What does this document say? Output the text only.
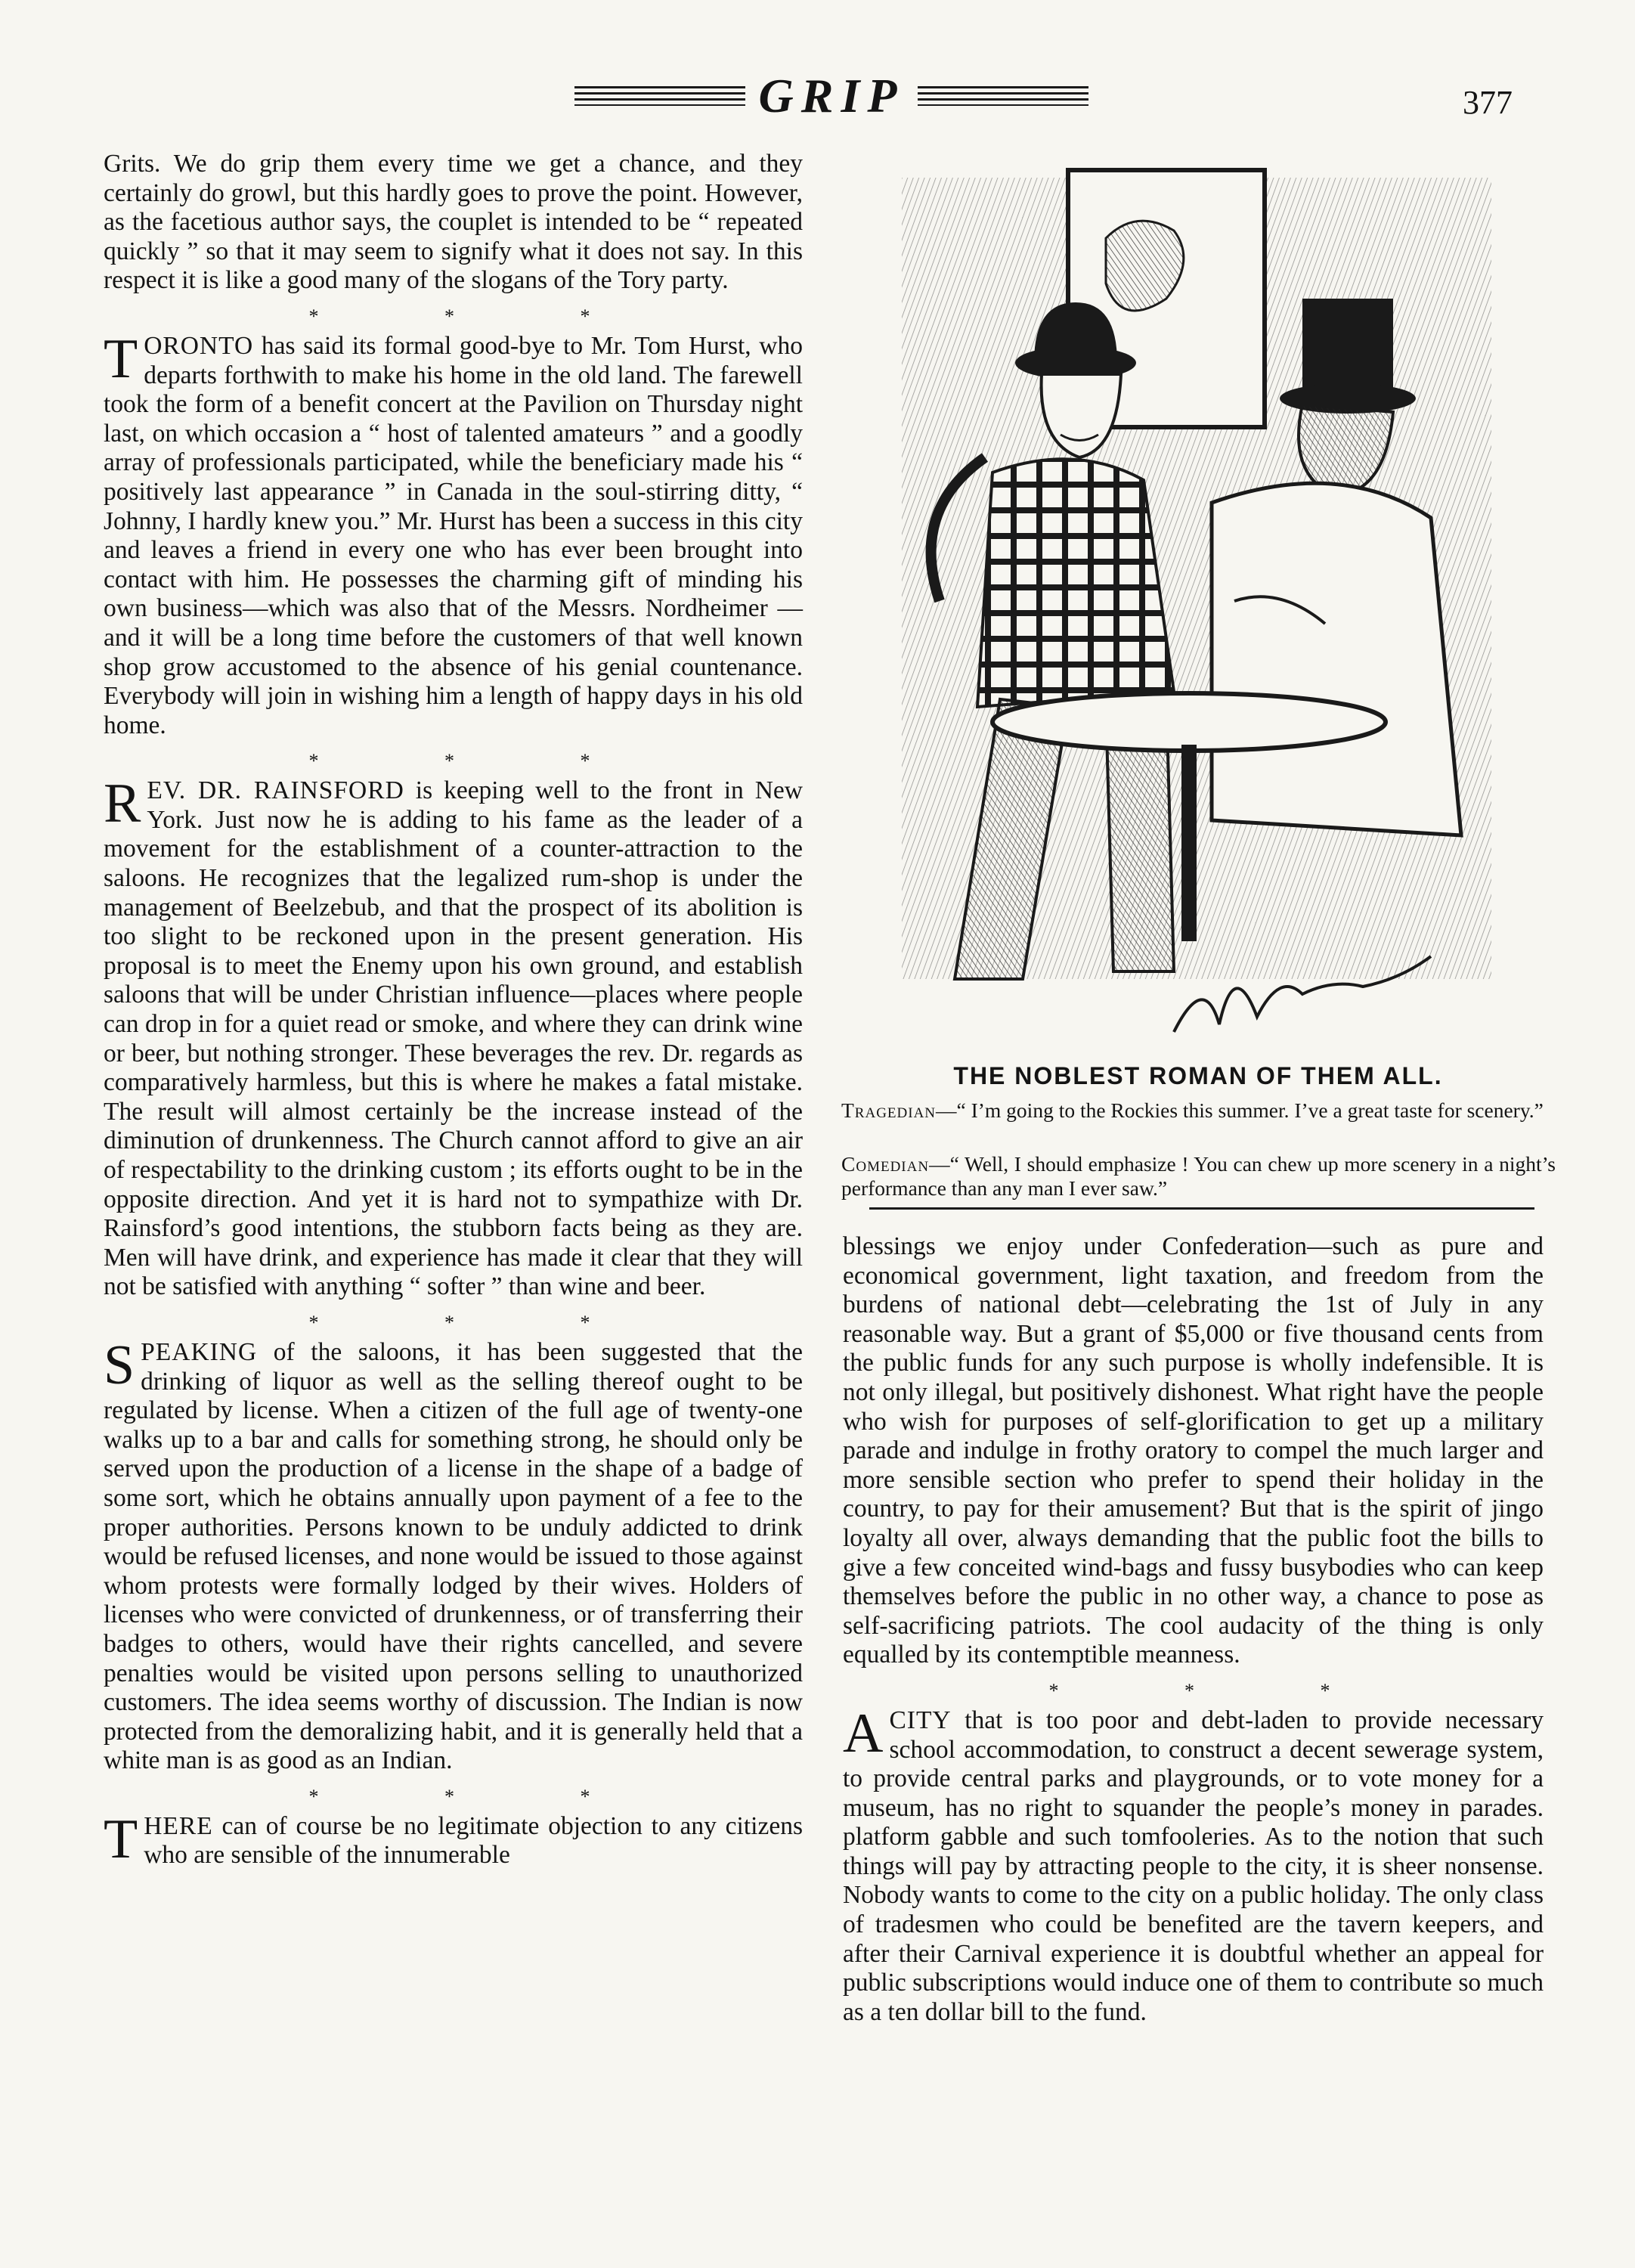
GRIP	377

Grits. We do grip them every time we get a chance, and they certainly do growl, but this hardly goes to prove the point. However, as the facetious author says, the couplet is intended to be “ repeated quickly ” so that it may seem to signify what it does not say. In this respect it is like a good many of the slogans of the Tory party.

* * *
T ORONTO has said its formal good-bye to Mr. Tom Hurst, who departs forthwith to make his home in the old land. The farewell took the form of a benefit concert at the Pavilion on Thursday night last, on which occasion a “ host of talented amateurs ” and a goodly array of professionals participated, while the beneficiary made his “ positively last appearance ” in Canada in the soul-stirring ditty, “ Johnny, I hardly knew you.” Mr. Hurst has been a success in this city and leaves a friend in every one who has ever been brought into contact with him. He possesses the charming gift of minding his own business—which was also that of the Messrs. Nordheimer —and it will be a long time before the customers of that well known shop grow accustomed to the absence of his genial countenance. Everybody will join in wishing him a length of happy days in his old home.

* * *
R EV. DR. RAINSFORD is keeping well to the front in New York. Just now he is adding to his fame as the leader of a movement for the establishment of a counter-attraction to the saloons. He recognizes that the legalized rum-shop is under the management of Beelzebub, and that the prospect of its abolition is too slight to be reckoned upon in the present generation. His proposal is to meet the Enemy upon his own ground, and establish saloons that will be under Christian influence—places where people can drop in for a quiet read or smoke, and where they can drink wine or beer, but nothing stronger. These beverages the rev. Dr. regards as comparatively harmless, but this is where he makes a fatal mistake. The result will almost certainly be the increase instead of the diminution of drunkenness. The Church cannot afford to give an air of respectability to the drinking custom ; its efforts ought to be in the opposite direction. And yet it is hard not to sympathize with Dr. Rainsford’s good intentions, the stubborn facts being as they are. Men will have drink, and experience has made it clear that they will not be satisfied with anything “ softer ” than wine and beer.

* * *
S PEAKING of the saloons, it has been suggested that the drinking of liquor as well as the selling thereof ought to be regulated by license. When a citizen of the full age of twenty-one walks up to a bar and calls for something strong, he should only be served upon the production of a license in the shape of a badge of some sort, which he obtains annually upon payment of a fee to the proper authorities. Persons known to be unduly addicted to drink would be refused licenses, and none would be issued to those against whom protests were formally lodged by their wives. Holders of licenses who were convicted of drunkenness, or of transferring their badges to others, would have their rights cancelled, and severe penalties would be visited upon persons selling to unauthorized customers. The idea seems worthy of discussion. The Indian is now protected from the demoralizing habit, and it is generally held that a white man is as good as an Indian.

* * *
T HERE can of course be no legitimate objection to any citizens who are sensible of the innumerable

THE NOBLEST ROMAN OF THEM ALL.
Tragedian—“ I’m going to the Rockies this summer. I’ve a great taste for scenery.”
Comedian—“ Well, I should emphasize ! You can chew up more scenery in a night’s performance than any man I ever saw.”

blessings we enjoy under Confederation—such as pure and economical government, light taxation, and freedom from the burdens of national debt—celebrating the 1st of July in any reasonable way. But a grant of $5,000 or five thousand cents from the public funds for any such purpose is wholly indefensible. It is not only illegal, but positively dishonest. What right have the people who wish for purposes of self-glorification to get up a military parade and indulge in frothy oratory to compel the much larger and more sensible section who prefer to spend their holiday in the country, to pay for their amusement? But that is the spirit of jingo loyalty all over, always demanding that the public foot the bills to give a few conceited wind-bags and fussy busybodies who can keep themselves before the public in no other way, a chance to pose as self-sacrificing patriots. The cool audacity of the thing is only equalled by its contemptible meanness.

* * *
A CITY that is too poor and debt-laden to provide necessary school accommodation, to construct a decent sewerage system, to provide central parks and playgrounds, or to vote money for a museum, has no right to squander the people’s money in parades. platform gabble and such tomfooleries. As to the notion that such things will pay by attracting people to the city, it is sheer nonsense. Nobody wants to come to the city on a public holiday. The only class of tradesmen who could be benefited are the tavern keepers, and after their Carnival experience it is doubtful whether an appeal for public subscriptions would induce one of them to contribute so much as a ten dollar bill to the fund.
